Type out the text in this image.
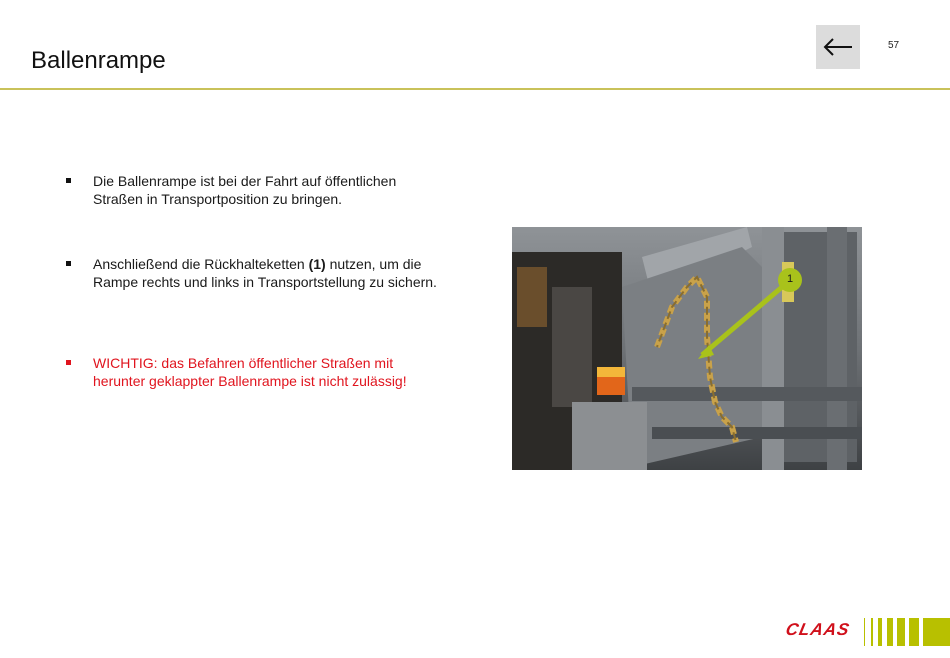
Ballenrampe
57
Die Ballenrampe ist bei der Fahrt auf öffentlichen Straßen in Transportposition zu bringen.
Anschließend die Rückhalteketten (1) nutzen, um die Rampe rechts und links in Transportstellung zu sichern.
WICHTIG: das Befahren öffentlicher Straßen mit herunter geklappter Ballenrampe ist nicht zulässig!
1
CLAAS
